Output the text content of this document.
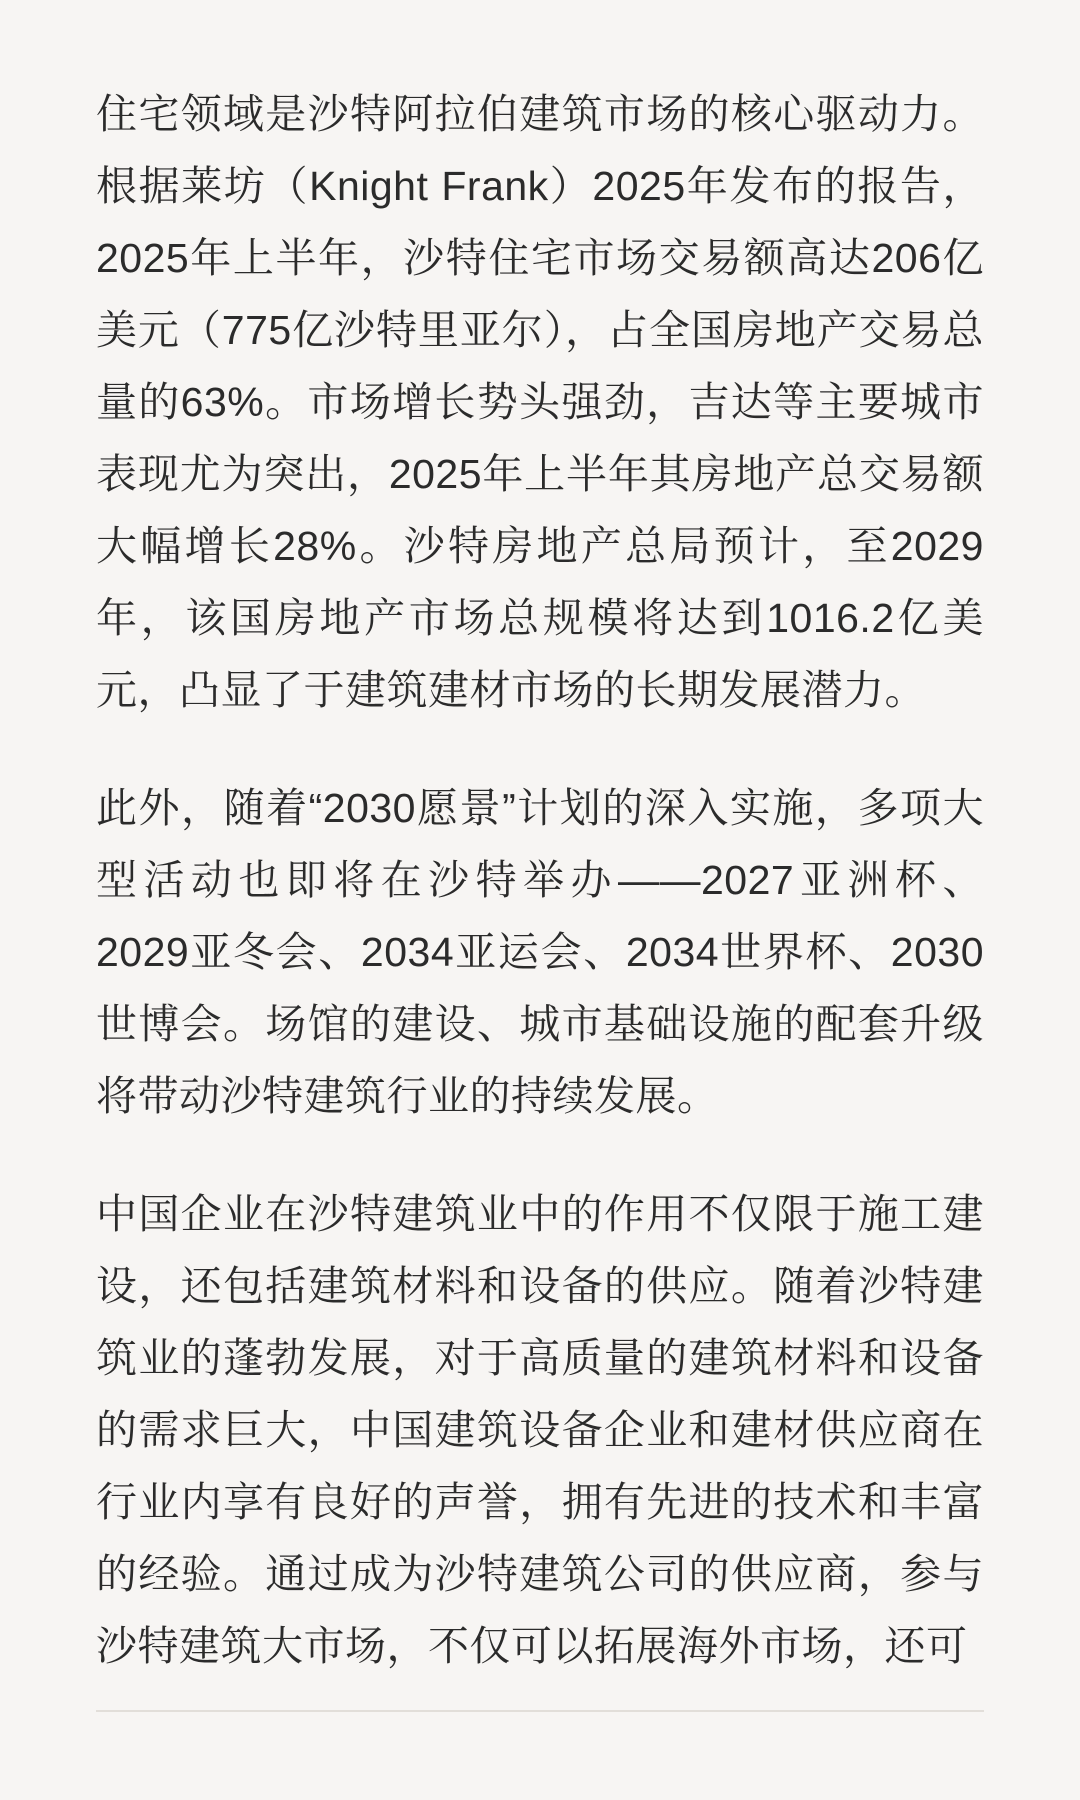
住宅领域是沙特阿拉伯建筑市场的核心驱动力。根据莱坊（Knight Frank）2025年发布的报告，2025年上半年，沙特住宅市场交易额高达206亿美元（775亿沙特里亚尔），占全国房地产交易总量的63%。市场增长势头强劲，吉达等主要城市表现尤为突出，2025年上半年其房地产总交易额大幅增长28%。沙特房地产总局预计，至2029年，该国房地产市场总规模将达到1016.2亿美元，凸显了于建筑建材市场的长期发展潜力。

此外，随着“2030愿景”计划的深入实施，多项大型活动也即将在沙特举办——2027亚洲杯、2029亚冬会、2034亚运会、2034世界杯、2030世博会。场馆的建设、城市基础设施的配套升级将带动沙特建筑行业的持续发展。

中国企业在沙特建筑业中的作用不仅限于施工建设，还包括建筑材料和设备的供应。随着沙特建筑业的蓬勃发展，对于高质量的建筑材料和设备的需求巨大，中国建筑设备企业和建材供应商在行业内享有良好的声誉，拥有先进的技术和丰富的经验。通过成为沙特建筑公司的供应商，参与沙特建筑大市场，不仅可以拓展海外市场，还可
